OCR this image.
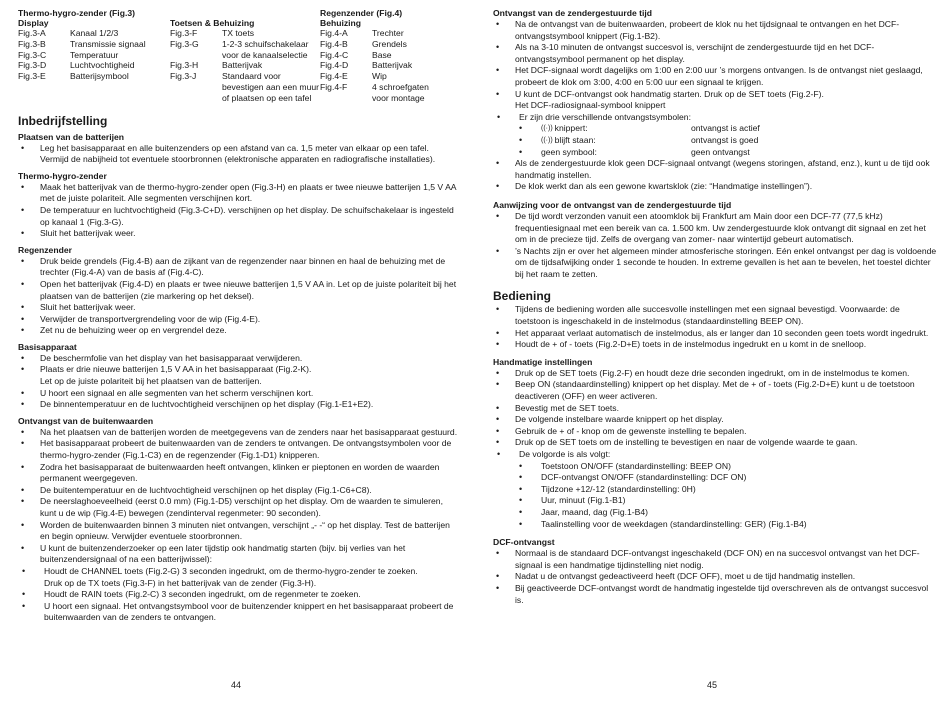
Thermo-hygro-zender (Fig.3)
Display
Fig.3-A	Kanaal 1/2/3
Fig.3-B	Transmissie signaal
Fig.3-C	Temperatuur
Fig.3-D	Luchtvochtigheid
Fig.3-E	Batterijsymbool

Toetsen & Behuizing
Fig.3-F	TX toets
Fig.3-G	1-2-3 schuifschakelaar voor de kanaalselectie
Fig.3-H	Batterijvak
Fig.3-J	Standaard voor bevestigen aan een muur of plaatsen op een tafel
Regenzender (Fig.4)
Behuizing
Fig.4-A	Trechter
Fig.4-B	Grendels
Fig.4-C	Base
Fig.4-D	Batterijvak
Fig.4-E	Wip
Fig.4-F	4 schroefgaten voor montage
Inbedrijfstelling
Plaatsen van de batterijen
• Leg het basisapparaat en alle buitenzenders op een afstand van ca. 1,5 meter van elkaar op een tafel. Vermijd de nabijheid tot eventuele stoorbronnen (elektronische apparaten en radiografische installaties).
Thermo-hygro-zender
• Maak het batterijvak van de thermo-hygro-zender open (Fig.3-H) en plaats er twee nieuwe batterijen 1,5 V AA met de juiste polariteit. Alle segmenten verschijnen kort.
• De temperatuur en luchtvochtigheid (Fig.3-C+D). verschijnen op het display. De schuifschakelaar is ingesteld op kanaal 1 (Fig.3-G).
• Sluit het batterijvak weer.
Regenzender
• Druk beide grendels (Fig.4-B) aan de zijkant van de regenzender naar binnen en haal de behuizing met de trechter (Fig.4-A) van de basis af (Fig.4-C).
• Open het batterijvak (Fig.4-D) en plaats er twee nieuwe batterijen 1,5 V AA in. Let op de juiste polariteit bij het plaatsen van de batterijen (zie markering op het deksel).
• Sluit het batterijvak weer.
• Verwijder de transportvergrendeling voor de wip (Fig.4-E).
• Zet nu de behuizing weer op en vergrendel deze.
Basisapparaat
• De beschermfolie van het display van het basisapparaat verwijderen.
• Plaats er drie nieuwe batterijen 1,5 V AA in het basisapparaat (Fig.2-K).
Let op de juiste polariteit bij het plaatsen van de batterijen.
• U hoort een signaal en alle segmenten van het scherm verschijnen kort.
• De binnentemperatuur en de luchtvochtigheid verschijnen op het display (Fig.1-E1+E2).
Ontvangst van de buitenwaarden
• Na het plaatsen van de batterijen worden de meetgegevens van de zenders naar het basisapparaat gestuurd.
• Het basisapparaat probeert de buitenwaarden van de zenders te ontvangen. De ontvangstsymbolen voor de thermo-hygro-zender (Fig.1-C3) en de regenzender (Fig.1-D1) knipperen.
• Zodra het basisapparaat de buitenwaarden heeft ontvangen, klinken er pieptonen en worden de waarden permanent weergegeven.
• De buitentemperatuur en de luchtvochtigheid verschijnen op het display (Fig.1-C6+C8).
• De neerslaghoeveelheid (eerst 0.0 mm) (Fig.1-D5) verschijnt op het display. Om de waarden te simuleren, kunt u de wip (Fig.4-E) bewegen (zendinterval regenmeter: 90 seconden).
• Worden de buitenwaarden binnen 3 minuten niet ontvangen, verschijnt „- -“ op het display. Test de batterijen en begin opnieuw. Verwijder eventuele stoorbronnen.
• U kunt de buitenzenderzoeker op een later tijdstip ook handmatig starten (bijv. bij verlies van het buitenzendersignaal of na een batterijwissel):
• Houdt de CHANNEL toets (Fig.2-G) 3 seconden ingedrukt, om de thermo-hygro-zender te zoeken.
Druk op de TX toets (Fig.3-F) in het batterijvak van de zender (Fig.3-H).
• Houdt de RAIN toets (Fig.2-C) 3 seconden ingedrukt, om de regenmeter te zoeken.
• U hoort een signaal. Het ontvangstsymbool voor de buitenzender knippert en het basisapparaat probeert de buitenwaarden van de zenders te ontvangen.
44
Ontvangst van de zendergestuurde tijd
• Na de ontvangst van de buitenwaarden, probeert de klok nu het tijdsignaal te ontvangen en het DCF-ontvangstsymbool knippert (Fig.1-B2).
• Als na 3-10 minuten de ontvangst succesvol is, verschijnt de zendergestuurde tijd en het DCF-ontvangstsymbool permanent op het display.
• Het DCF-signaal wordt dagelijks om 1:00 en 2:00 uur ’s morgens ontvangen. Is de ontvangst niet geslaagd, probeert de klok om 3:00, 4:00 en 5:00 uur een signaal te krijgen.
• U kunt de DCF-ontvangst ook handmatig starten. Druk op de SET toets (Fig.2-F).
Het DCF-radiosignaal-symbool knippert
• Er zijn drie verschillende ontvangstsymbolen:
• ((·)) knippert:	ontvangst is actief
• ((·)) blijft staan:	ontvangst is goed
• geen symbool:	geen ontvangst
• Als de zendergestuurde klok geen DCF-signaal ontvangt (wegens storingen, afstand, enz.), kunt u de tijd ook handmatig instellen.
• De klok werkt dan als een gewone kwartsklok (zie: “Handmatige instellingen”).
Aanwijzing voor de ontvangst van de zendergestuurde tijd
• De tijd wordt verzonden vanuit een atoomklok bij Frankfurt am Main door een DCF-77 (77,5 kHz) frequentiesignaal met een bereik van ca. 1.500 km. Uw zendergestuurde klok ontvangt dit signaal en zet het om in de precieze tijd. Zelfs de overgang van zomer- naar wintertijd gebeurt automatisch.
• ’s Nachts zijn er over het algemeen minder atmosferische storingen. Eén enkel ontvangst per dag is voldoende om de tijdsafwijking onder 1 seconde te houden. In extreme gevallen is het aan te bevelen, het toestel dichter bij het raam te zetten.
Bediening
• Tijdens de bediening worden alle succesvolle instellingen met een signaal bevestigd. Voorwaarde: de toetstoon is ingeschakeld in de instelmodus (standaardinstelling BEEP ON).
• Het apparaat verlaat automatisch de instelmodus, als er langer dan 10 seconden geen toets wordt ingedrukt.
• Houdt de + of - toets (Fig.2-D+E) toets in de instelmodus ingedrukt en u komt in de snelloop.
Handmatige instellingen
• Druk op de SET toets (Fig.2-F) en houdt deze drie seconden ingedrukt, om in de instelmodus te komen.
• Beep ON (standaardinstelling) knippert op het display. Met de + of - toets (Fig.2-D+E) kunt u de toetstoon deactiveren (OFF) en weer activeren.
• Bevestig met de SET toets.
• De volgende instelbare waarde knippert op het display.
• Gebruik de + of - knop om de gewenste instelling te bepalen.
• Druk op de SET toets om de instelling te bevestigen en naar de volgende waarde te gaan.
• De volgorde is als volgt:
• Toetstoon ON/OFF (standardinstelling: BEEP ON)
• DCF-ontvangst ON/OFF (standardinstelling: DCF ON)
• Tijdzone +12/-12 (standardinstelling: 0H)
• Uur, minuut (Fig.1-B1)
• Jaar, maand, dag (Fig.1-B4)
• Taalinstelling voor de weekdagen (standardinstelling: GER) (Fig.1-B4)
DCF-ontvangst
• Normaal is de standaard DCF-ontvangst ingeschakeld (DCF ON) en na succesvol ontvangst van het DCF-signaal is een handmatige tijdinstelling niet nodig.
• Nadat u de ontvangst gedeactiveerd heeft (DCF OFF), moet u de tijd handmatig instellen.
• Bij geactiveerde DCF-ontvangst wordt de handmatig ingestelde tijd overschreven als de ontvangst succesvol is.
45
